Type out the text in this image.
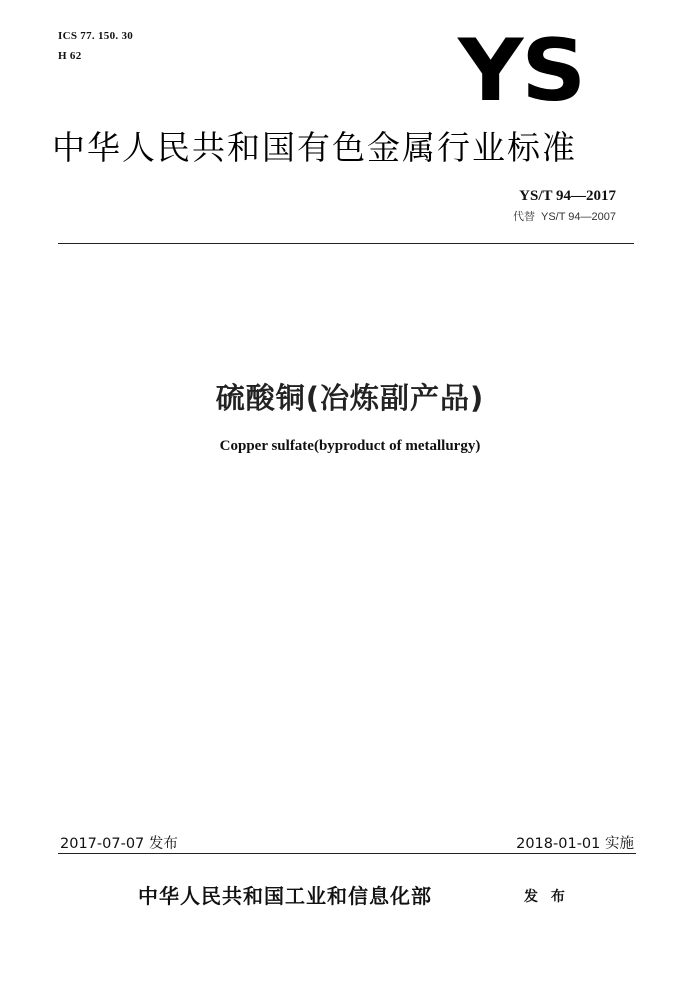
ICS 77. 150. 30
H 62	YS
中华人民共和国有色金属行业标准
YS/T 94—2017
代替 YS/T 94—2007
硫酸铜(冶炼副产品)
Copper sulfate(byproduct of metallurgy)
2017-07-07 发布	2018-01-01 实施
中华人民共和国工业和信息化部	发 布
